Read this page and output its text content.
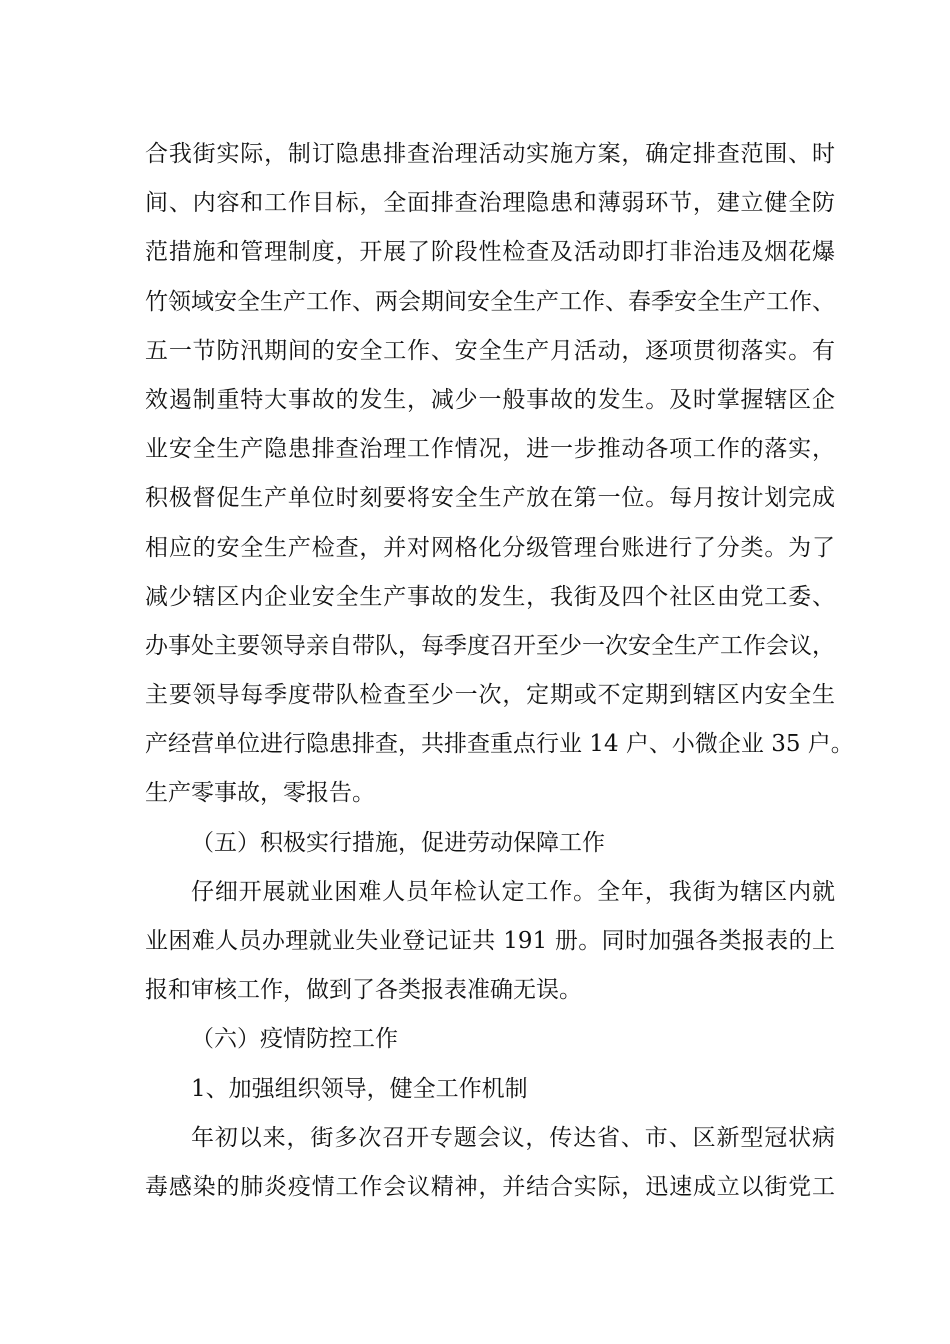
合我街实际，制订隐患排查治理活动实施方案，确定排查范围、时
间、内容和工作目标，全面排查治理隐患和薄弱环节，建立健全防
范措施和管理制度，开展了阶段性检查及活动即打非治违及烟花爆
竹领域安全生产工作、两会期间安全生产工作、春季安全生产工作、
五一节防汛期间的安全工作、安全生产月活动，逐项贯彻落实。有
效遏制重特大事故的发生，减少一般事故的发生。及时掌握辖区企
业安全生产隐患排查治理工作情况，进一步推动各项工作的落实，
积极督促生产单位时刻要将安全生产放在第一位。每月按计划完成
相应的安全生产检查，并对网格化分级管理台账进行了分类。为了
减少辖区内企业安全生产事故的发生，我街及四个社区由党工委、
办事处主要领导亲自带队，每季度召开至少一次安全生产工作会议，
主要领导每季度带队检查至少一次，定期或不定期到辖区内安全生
产经营单位进行隐患排查，共排查重点行业 14 户、小微企业 35 户。
生产零事故，零报告。
（五）积极实行措施，促进劳动保障工作
仔细开展就业困难人员年检认定工作。全年，我街为辖区内就
业困难人员办理就业失业登记证共 191 册。同时加强各类报表的上
报和审核工作，做到了各类报表准确无误。
（六）疫情防控工作
1、加强组织领导，健全工作机制
年初以来，街多次召开专题会议，传达省、市、区新型冠状病
毒感染的肺炎疫情工作会议精神，并结合实际，迅速成立以街党工
